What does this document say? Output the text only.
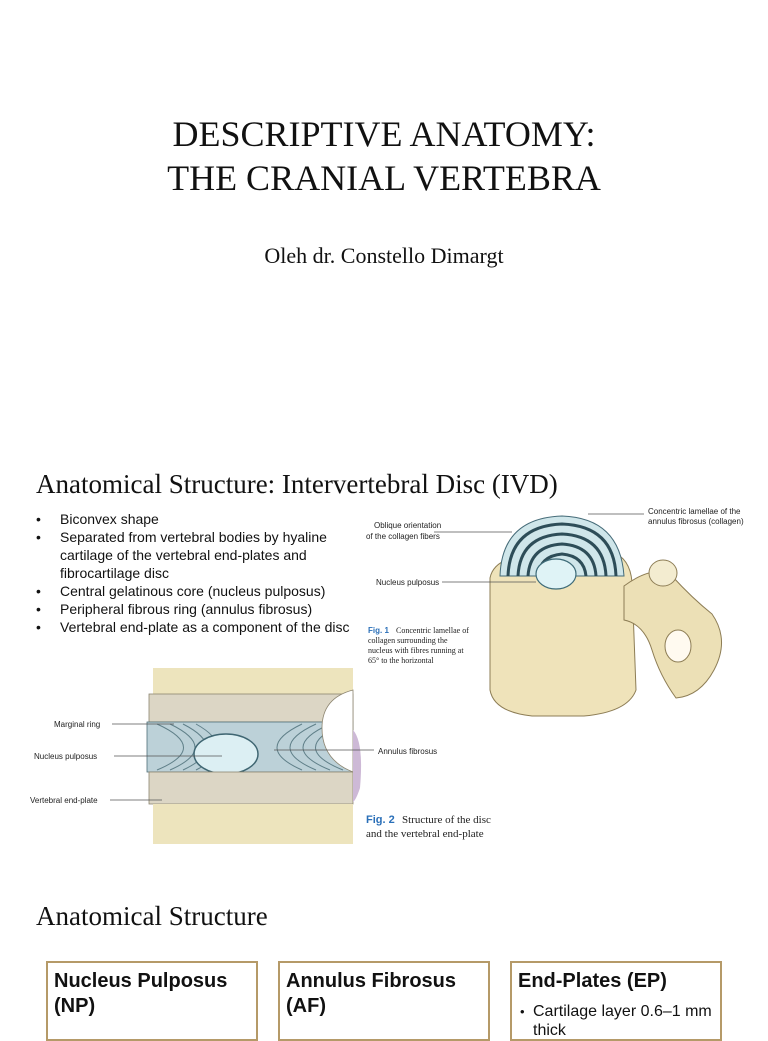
DESCRIPTIVE ANATOMY:
THE CRANIAL VERTEBRA
Oleh dr. Constello Dimargt
Anatomical Structure: Intervertebral Disc (IVD)
• Biconvex shape
• Separated from vertebral bodies by hyaline cartilage of the vertebral end-plates and fibrocartilage disc
• Central gelatinous core (nucleus pulposus)
• Peripheral fibrous ring (annulus fibrosus)
• Vertebral end-plate as a component of the disc
Oblique orientation
of the collagen fibers
Concentric lamellae of the
annulus fibrosus (collagen)
Nucleus pulposus
Fig. 1 Concentric lamellae of
collagen surrounding the
nucleus with fibres running at
65° to the horizontal
Marginal ring
Nucleus pulposus
Vertebral end-plate
Annulus fibrosus
Fig. 2 Structure of the disc
and the vertebral end-plate
Anatomical Structure
Nucleus Pulposus (NP)
Annulus Fibrosus (AF)
End-Plates (EP)
• Cartilage layer 0.6–1 mm thick
